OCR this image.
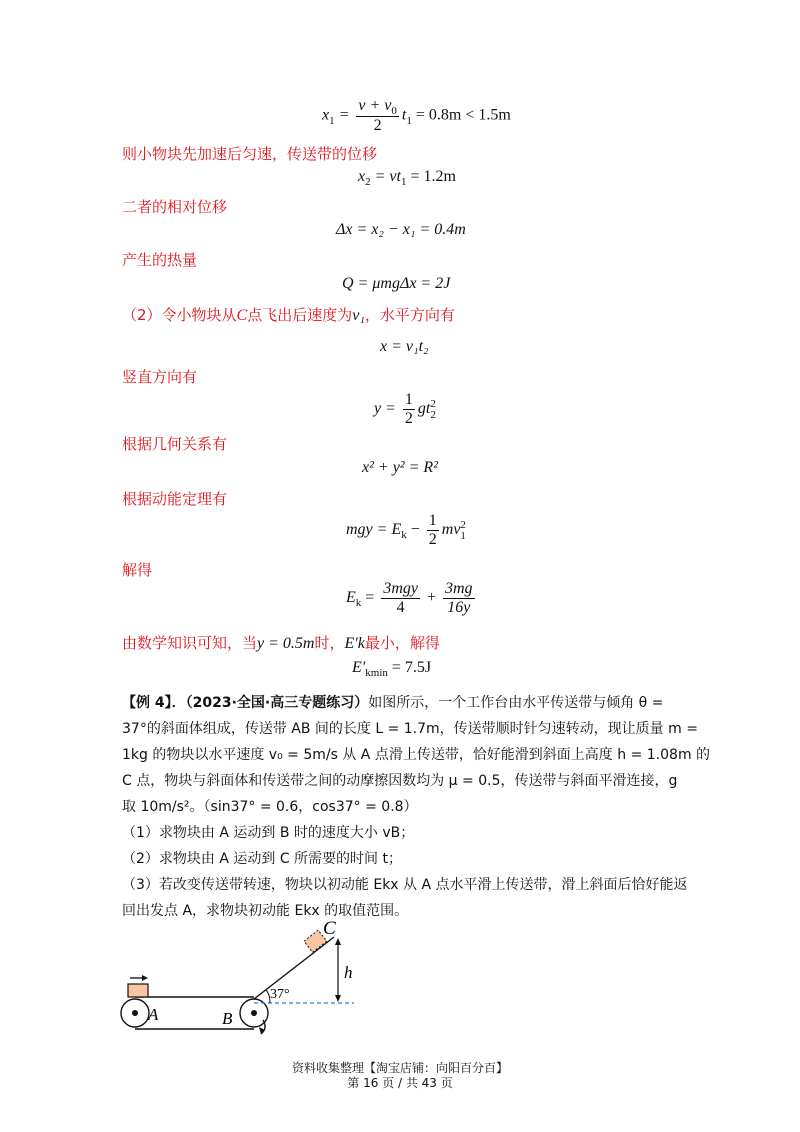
$x_1 = \frac{v + v_0}{2} t_1 = 0.8m < 1.5m$
则小物块先加速后匀速，传送带的位移
$x_2 = vt_1 = 1.2m$
二者的相对位移
Δx = x₂ − x₁ = 0.4m
产生的热量
Q = μmgΔx = 2J
（2）令小物块从C点飞出后速度为v₁，水平方向有
x = v₁t₂
竖直方向有
$y = \frac{1}{2}$ gt 2
2
根据几何关系有
x² + y² = R²
根据动能定理有
mgy = $E_k - \frac{1}{2}$ mv 2
1
解得
$E_k = \frac{\text{3mgy}}{4} + \frac{3mg}{16y}$
由数学知识可知，当y = 0.5m时，E′k最小，解得
$E'_{kmin} = 7.5J$
【例 4】．（2023·全国·高三专题练习）如图所示，一个工作台由水平传送带与倾角 θ =
37°的斜面体组成，传送带 AB 间的长度 L = 1.7m，传送带顺时针匀速转动，现让质量 m =
1kg 的物块以水平速度 v₀ = 5m/s 从 A 点滑上传送带，恰好能滑到斜面上高度 h = 1.08m 的
C 点，物块与斜面体和传送带之间的动摩擦因数均为 μ = 0.5，传送带与斜面平滑连接，g
取 10m/s²。（sin37° = 0.6，cos37° = 0.8）
（1）求物块由 A 运动到 B 时的速度大小 vB；
（2）求物块由 A 运动到 C 所需要的时间 t；
（3）若改变传送带转速，物块以初动能 Ekx 从 A 点水平滑上传送带，滑上斜面后恰好能返
回出发点 A，求物块初动能 Ekx 的取值范围。
A	B
C
h
37°
资料收集整理【淘宝店铺：向阳百分百】
第 16 页 / 共 43 页
